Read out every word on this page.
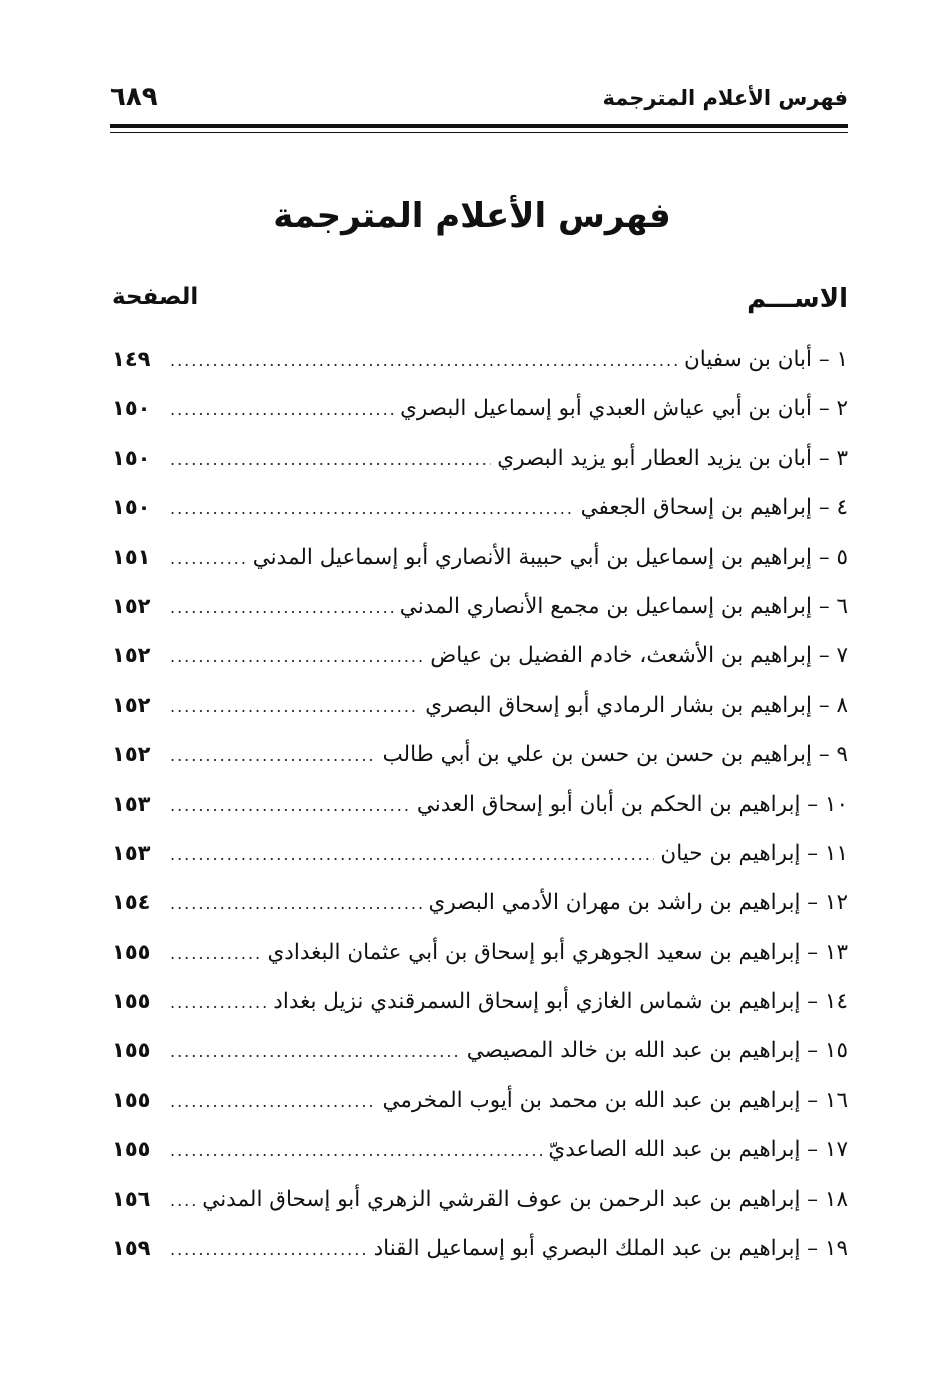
فهرس الأعلام المترجمة
٦٨٩
فهرس الأعلام المترجمة
الاســـم
الصفحة
١ – أبان بن سفيان
.....
١٤٩
٢ – أبان بن أبي عياش العبدي أبو إسماعيل البصري
.....
١٥٠
٣ – أبان بن يزيد العطار أبو يزيد البصري
.....
١٥٠
٤ – إبراهيم بن إسحاق الجعفي
.....
١٥٠
٥ – إبراهيم بن إسماعيل بن أبي حبيبة الأنصاري أبو إسماعيل المدني
.....
١٥١
٦ – إبراهيم بن إسماعيل بن مجمع الأنصاري المدني
.....
١٥٢
٧ – إبراهيم بن الأشعث، خادم الفضيل بن عياض
.....
١٥٢
٨ – إبراهيم بن بشار الرمادي أبو إسحاق البصري
.....
١٥٢
٩ – إبراهيم بن حسن بن حسن بن علي بن أبي طالب
.....
١٥٢
١٠ – إبراهيم بن الحكم بن أبان أبو إسحاق العدني
.....
١٥٣
١١ – إبراهيم بن حيان
.....
١٥٣
١٢ – إبراهيم بن راشد بن مهران الأدمي البصري
.....
١٥٤
١٣ – إبراهيم بن سعيد الجوهري أبو إسحاق بن أبي عثمان البغدادي
.....
١٥٥
١٤ – إبراهيم بن شماس الغازي أبو إسحاق السمرقندي نزيل بغداد
.....
١٥٥
١٥ – إبراهيم بن عبد الله بن خالد المصيصي
.....
١٥٥
١٦ – إبراهيم بن عبد الله بن محمد بن أيوب المخرمي
.....
١٥٥
١٧ – إبراهيم بن عبد الله الصاعديّ
.....
١٥٥
١٨ – إبراهيم بن عبد الرحمن بن عوف القرشي الزهري أبو إسحاق المدني
.....
١٥٦
١٩ – إبراهيم بن عبد الملك البصري أبو إسماعيل القناد
.....
١٥٩
